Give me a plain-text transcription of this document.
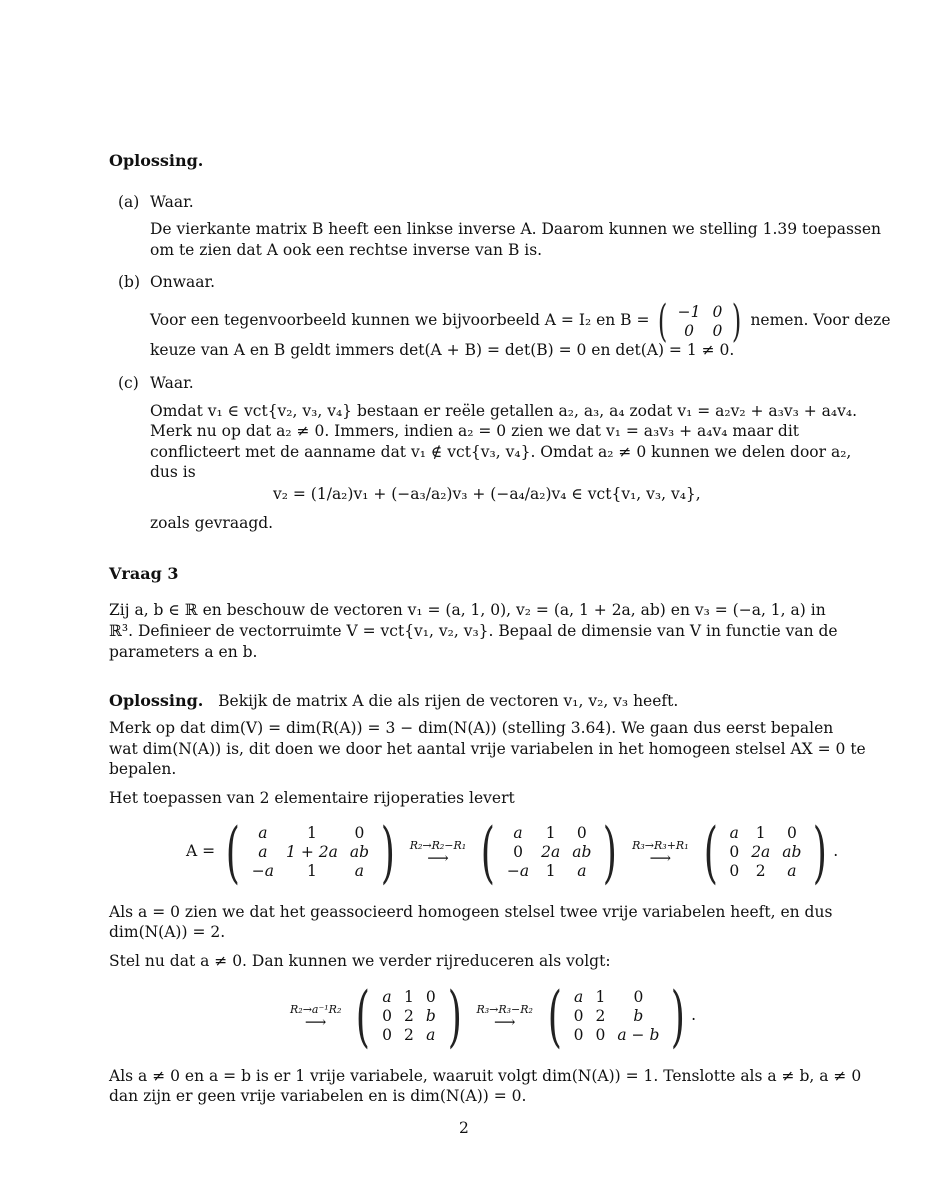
Oplossing.
(a) Waar.
De vierkante matrix B heeft een linkse inverse A. Daarom kunnen we stelling 1.39 toepassen
om te zien dat A ook een rechtse inverse van B is.
(b) Onwaar.
Voor een tegenvoorbeeld kunnen we bijvoorbeeld A = I₂ en B = ( −1	0
0	0 ) nemen. Voor deze
keuze van A en B geldt immers det(A + B) = det(B) = 0 en det(A) = 1 ≠ 0.
(c) Waar.
Omdat v₁ ∈ vct{v₂, v₃, v₄} bestaan er reële getallen a₂, a₃, a₄ zodat v₁ = a₂v₂ + a₃v₃ + a₄v₄.
Merk nu op dat a₂ ≠ 0. Immers, indien a₂ = 0 zien we dat v₁ = a₃v₃ + a₄v₄ maar dit
conflicteert met de aanname dat v₁ ∉ vct{v₃, v₄}. Omdat a₂ ≠ 0 kunnen we delen door a₂,
dus is
v₂ = (1/a₂)v₁ + (−a₃/a₂)v₃ + (−a₄/a₂)v₄ ∈ vct{v₁, v₃, v₄},
zoals gevraagd.
Vraag 3
Zij a, b ∈ ℝ en beschouw de vectoren v₁ = (a, 1, 0), v₂ = (a, 1 + 2a, ab) en v₃ = (−a, 1, a) in
ℝ³. Definieer de vectorruimte V = vct{v₁, v₂, v₃}. Bepaal de dimensie van V in functie van de
parameters a en b.
Oplossing. Bekijk de matrix A die als rijen de vectoren v₁, v₂, v₃ heeft.
Merk op dat dim(V) = dim(R(A)) = 3 − dim(N(A)) (stelling 3.64). We gaan dus eerst bepalen
wat dim(N(A)) is, dit doen we door het aantal vrije variabelen in het homogeen stelsel AX = 0 te
bepalen.
Het toepassen van 2 elementaire rijoperaties levert
A = ( a	1	0
a	1 + 2a	ab
−a	1	a ) R₂→R₂−R₁
⟶ ( a	1	0
0	2a	ab
−a	1	a ) R₃→R₃+R₁
⟶ ( a	1	0
0	2a	ab
0	2	a ) .
Als a = 0 zien we dat het geassocieerd homogeen stelsel twee vrije variabelen heeft, en dus
dim(N(A)) = 2.
Stel nu dat a ≠ 0. Dan kunnen we verder rijreduceren als volgt:
R₂→a⁻¹R₂
⟶ ( a	1	0
0	2	b
0	2	a ) R₃→R₃−R₂
⟶ ( a	1	0
0	2	b
0	0	a − b ) .
Als a ≠ 0 en a = b is er 1 vrije variabele, waaruit volgt dim(N(A)) = 1. Tenslotte als a ≠ b, a ≠ 0
dan zijn er geen vrije variabelen en is dim(N(A)) = 0.
2
